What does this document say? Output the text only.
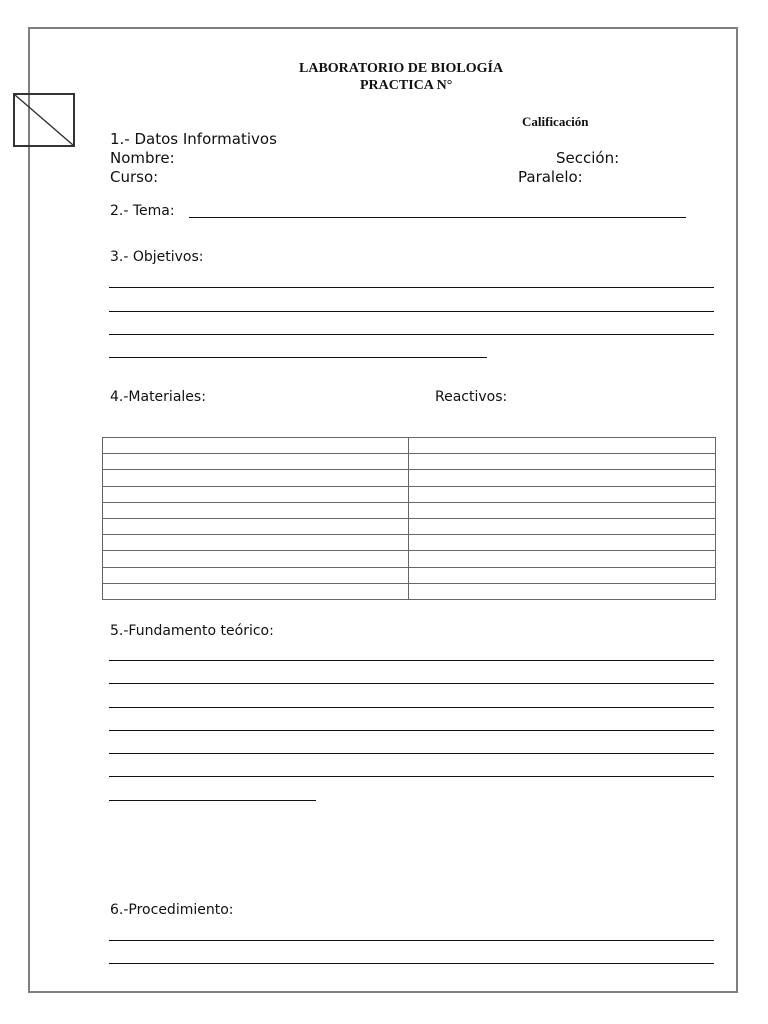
LABORATORIO DE BIOLOGÍA
PRACTICA N°
Calificación
1.- Datos Informativos
Nombre:	Sección:
Curso:	Paralelo:
2.- Tema:
3.- Objetivos:
4.-Materiales:	Reactivos:

5.-Fundamento teórico:
6.-Procedimiento:
